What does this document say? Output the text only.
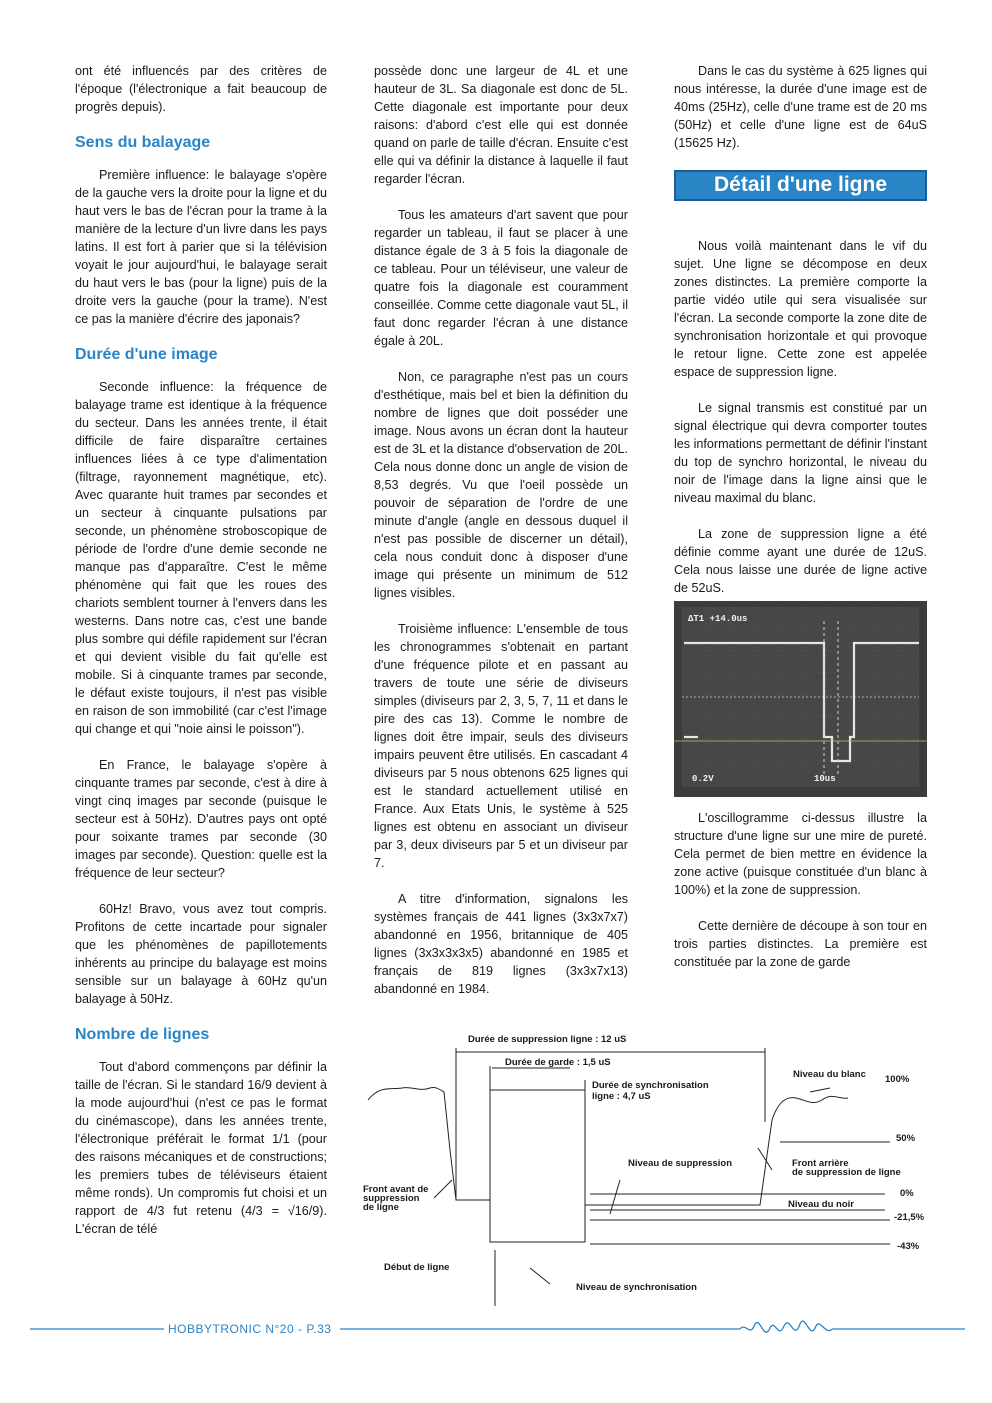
ont été influencés par des critères de l'époque (l'électronique a fait beaucoup de progrès depuis).

Sens du balayage

Première influence: le balayage s'opère de la gauche vers la droite pour la ligne et du haut vers le bas de l'écran pour la trame à la manière de la lecture d'un livre dans les pays latins. Il est fort à parier que si la télévision voyait le jour aujourd'hui, le balayage serait du haut vers le bas (pour la ligne) puis de la droite vers la gauche (pour la trame). N'est ce pas la manière d'écrire des japonais?

Durée d'une image

Seconde influence: la fréquence de balayage trame est identique à la fréquence du secteur. Dans les années trente, il était difficile de faire disparaître certaines influences liées à ce type d'alimentation (filtrage, rayonnement magnétique, etc). Avec quarante huit trames par secondes et un secteur à cinquante pulsations par seconde, un phénomène stroboscopique de période de l'ordre d'une demie seconde ne manque pas d'apparaître. C'est le même phénomène qui fait que les roues des chariots semblent tourner à l'envers dans les westerns. Dans notre cas, c'est une bande plus sombre qui défile rapidement sur l'écran et qui devient visible du fait qu'elle est mobile. Si à cinquante trames par seconde, le défaut existe toujours, il n'est pas visible en raison de son immobilité (car c'est l'image qui change et qui "noie ainsi le poisson").

En France, le balayage s'opère à cinquante trames par seconde, c'est à dire à vingt cinq images par seconde (puisque le secteur est à 50Hz). D'autres pays ont opté pour soixante trames par seconde (30 images par seconde). Question: quelle est la fréquence de leur secteur?

60Hz! Bravo, vous avez tout compris. Profitons de cette incartade pour signaler que les phénomènes de papillotements inhérents au principe du balayage est moins sensible sur un balayage à 60Hz qu'un balayage à 50Hz.

Nombre de lignes

Tout d'abord commençons par définir la taille de l'écran. Si le standard 16/9 devient à la mode aujourd'hui (n'est ce pas le format du cinémascope), dans les années trente, l'électronique préférait le format 1/1 (pour des raisons mécaniques et de constructions; les premiers tubes de téléviseurs étaient même ronds). Un compromis fut choisi et un rapport de 4/3 fut retenu (4/3 = √16/9). L'écran de télé

possède donc une largeur de 4L et une hauteur de 3L. Sa diagonale est donc de 5L. Cette diagonale est importante pour deux raisons: d'abord c'est elle qui est donnée quand on parle de taille d'écran. Ensuite c'est elle qui va définir la distance à laquelle il faut regarder l'écran.

Tous les amateurs d'art savent que pour regarder un tableau, il faut se placer à une distance égale de 3 à 5 fois la diagonale de ce tableau. Pour un téléviseur, une valeur de quatre fois la diagonale est couramment conseillée. Comme cette diagonale vaut 5L, il faut donc regarder l'écran à une distance égale à 20L.

Non, ce paragraphe n'est pas un cours d'esthétique, mais bel et bien la définition du nombre de lignes que doit posséder une image. Nous avons un écran dont la hauteur est de 3L et la distance d'observation de 20L. Cela nous donne donc un angle de vision de 8,53 degrés. Vu que l'oeil possède un pouvoir de séparation de l'ordre de une minute d'angle (angle en dessous duquel il n'est pas possible de discerner un détail), cela nous conduit donc à disposer d'une image qui présente un minimum de 512 lignes visibles.

Troisième influence: L'ensemble de tous les chronogrammes s'obtenait en partant d'une fréquence pilote et en passant au travers de toute une série de diviseurs simples (diviseurs par 2, 3, 5, 7, 11 et dans le pire des cas 13). Comme le nombre de lignes doit être impair, seuls des diviseurs impairs peuvent être utilisés. En cascadant 4 diviseurs par 5 nous obtenons 625 lignes qui est le standard actuellement utilisé en France. Aux Etats Unis, le système à 525 lignes est obtenu en associant un diviseur par 3, deux diviseurs par 5 et un diviseur par 7.

A titre d'information, signalons les systèmes français de 441 lignes (3x3x7x7) abandonné en 1956, britannique de 405 lignes (3x3x3x3x5) abandonné en 1985 et français de 819 lignes (3x3x7x13) abandonné en 1984.

Dans le cas du système à 625 lignes qui nous intéresse, la durée d'une image est de 40ms (25Hz), celle d'une trame est de 20 ms (50Hz) et celle d'une ligne est de 64uS (15625 Hz).

Détail d'une ligne

Nous voilà maintenant dans le vif du sujet. Une ligne se décompose en deux zones distinctes. La première comporte la partie vidéo utile qui sera visualisée sur l'écran. La seconde comporte la zone dite de synchronisation horizontale et qui provoque le retour ligne. Cette zone est appelée espace de suppression ligne.

Le signal transmis est constitué par un signal électrique qui devra comporter toutes les informations permettant de définir l'instant du top de synchro horizontal, le niveau du noir de l'image dans la ligne ainsi que le niveau maximal du blanc.

La zone de suppression ligne a été définie comme ayant une durée de 12uS. Cela nous laisse une durée de ligne active de 52uS.

ΔT1 +14.0us
0.2V	10us

L'oscillogramme ci-dessus illustre la structure d'une ligne sur une mire de pureté. Cela permet de bien mettre en évidence la zone active (puisque constituée d'un blanc à 100%) et la zone de suppression.

Cette dernière de découpe à son tour en trois parties distinctes. La première est constituée par la zone de garde

Durée de suppression ligne : 12 uS
Durée de garde : 1,5 uS
Durée de synchronisation
ligne : 4,7 uS
Niveau du blanc 100%
50%
0%
-21,5%
-43%
Niveau de suppression	Front arrière
de suppression de ligne
Niveau du noir
Front avant de
suppression
de ligne
Début de ligne
Niveau de synchronisation
HOBBYTRONIC N°20 - P.33
